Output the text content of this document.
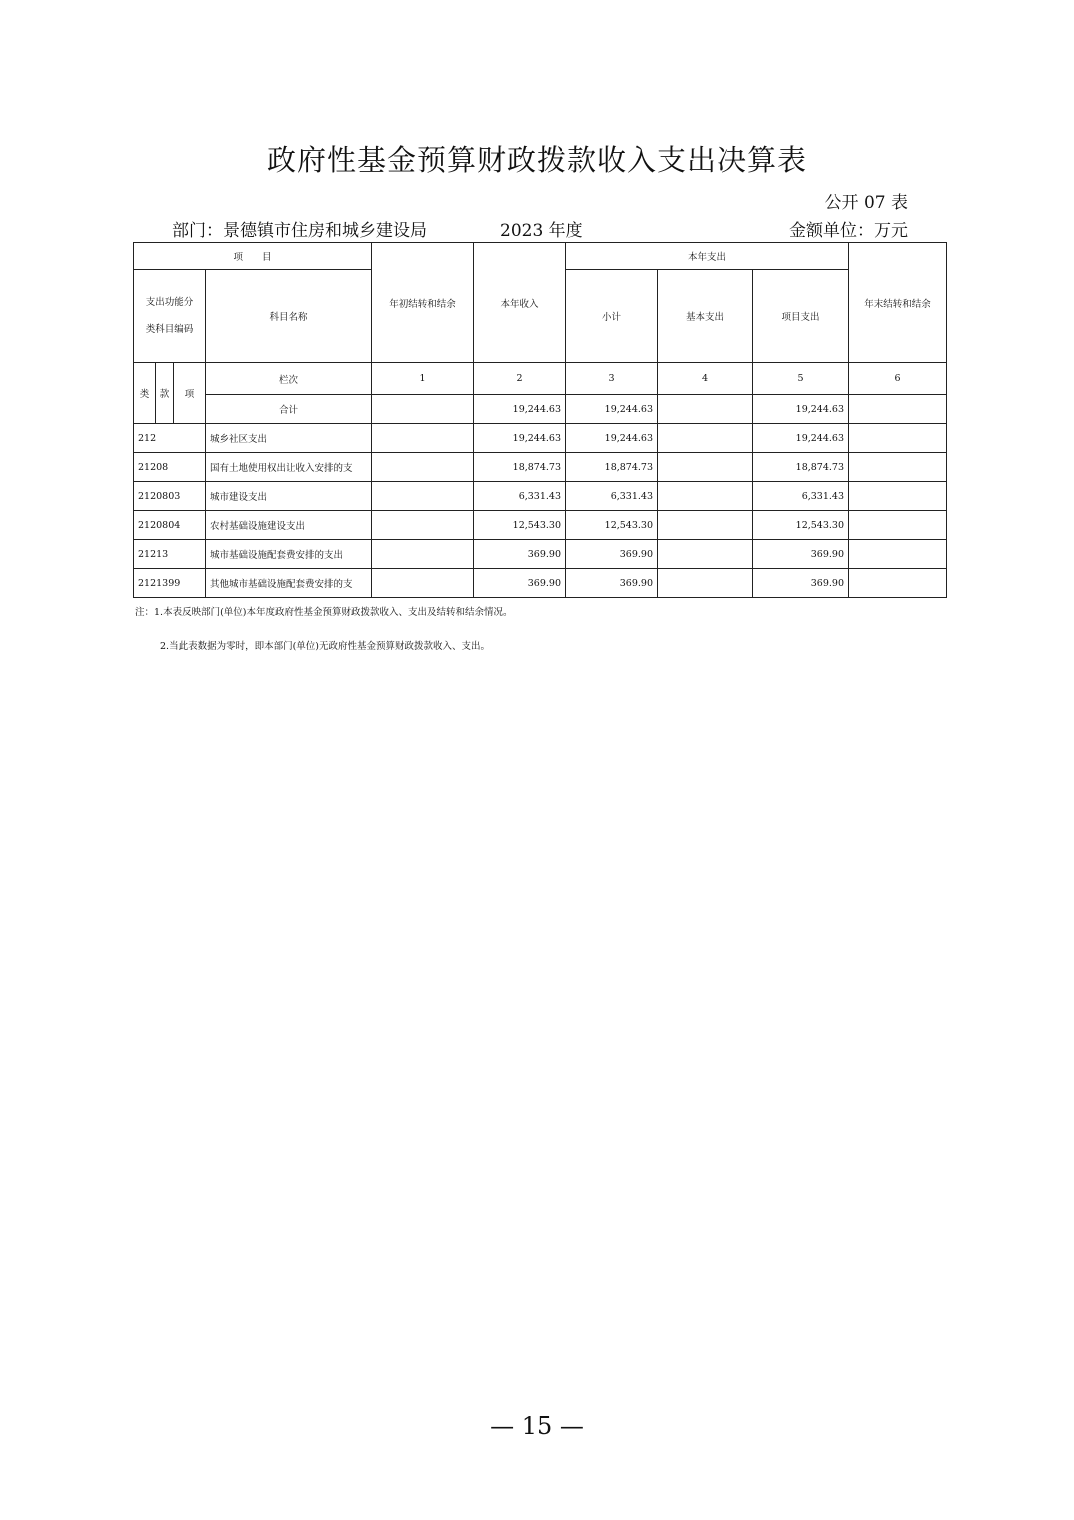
政府性基金预算财政拨款收入支出决算表
公开 07 表
部门：景德镇市住房和城乡建设局	2023 年度	金额单位：万元
项　　目				年初结转和结余	本年收入	本年支出			年末结转和结余
支出功能分类科目编码			科目名称			小计	基本支出	项目支出	
类	款	项	栏次	1	2	3	4	5	6
			合计		19,244.63	19,244.63		19,244.63	
212			城乡社区支出		19,244.63	19,244.63		19,244.63	
21208			国有土地使用权出让收入安排的支		18,874.73	18,874.73		18,874.73	
2120803			城市建设支出		6,331.43	6,331.43		6,331.43	
2120804			农村基础设施建设支出		12,543.30	12,543.30		12,543.30	
21213			城市基础设施配套费安排的支出		369.90	369.90		369.90	
2121399			其他城市基础设施配套费安排的支		369.90	369.90		369.90	
注：1.本表反映部门(单位)本年度政府性基金预算财政拨款收入、支出及结转和结余情况。
2.当此表数据为零时，即本部门(单位)无政府性基金预算财政拨款收入、支出。
— 15 —
